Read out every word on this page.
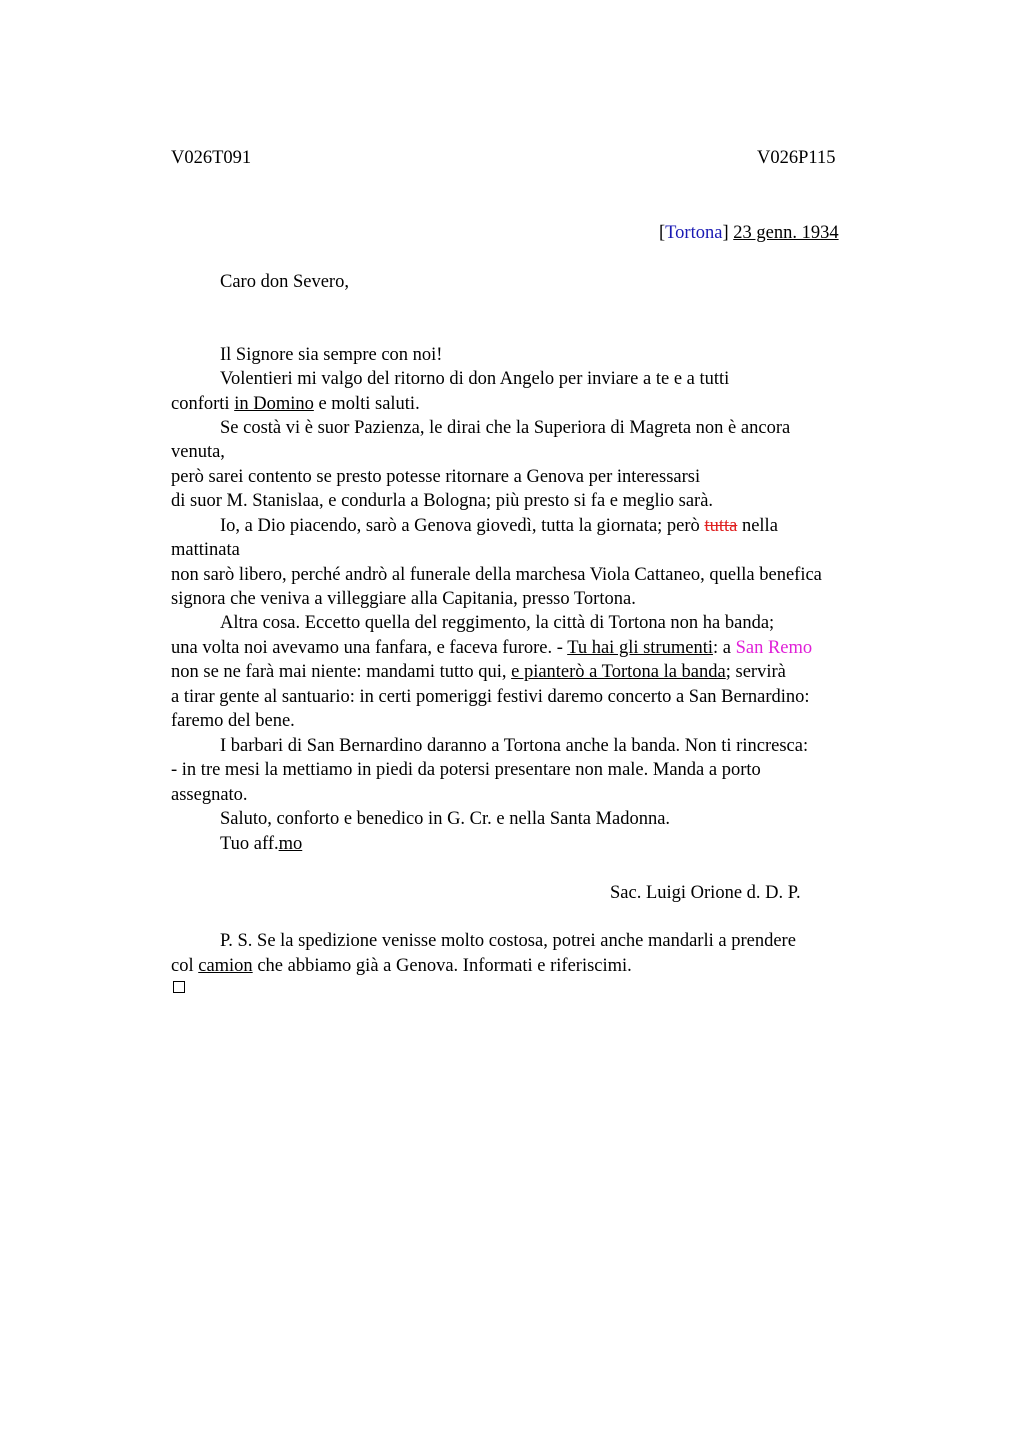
V026T091	V026P115
[Tortona] 23 genn. 1934
Caro don Severo,
Il Signore sia sempre con noi!
Volentieri mi valgo del ritorno di don Angelo per inviare a te e a tutti
conforti in Domino e molti saluti.
Se costà vi è suor Pazienza, le dirai che la Superiora di Magreta non è ancora
venuta,
però sarei contento se presto potesse ritornare a Genova per interessarsi
di suor M. Stanislaa, e condurla a Bologna; più presto si fa e meglio sarà.
Io, a Dio piacendo, sarò a Genova giovedì, tutta la giornata; però tutta nella
mattinata
non sarò libero, perché andrò al funerale della marchesa Viola Cattaneo, quella benefica
signora che veniva a villeggiare alla Capitania, presso Tortona.
Altra cosa. Eccetto quella del reggimento, la città di Tortona non ha banda;
una volta noi avevamo una fanfara, e faceva furore. - Tu hai gli strumenti: a San Remo
non se ne farà mai niente: mandami tutto qui, e pianterò a Tortona la banda; servirà
a tirar gente al santuario: in certi pomeriggi festivi daremo concerto a San Bernardino:
faremo del bene.
I barbari di San Bernardino daranno a Tortona anche la banda. Non ti rincresca:
- in tre mesi la mettiamo in piedi da potersi presentare non male. Manda a porto
assegnato.
Saluto, conforto e benedico in G. Cr. e nella Santa Madonna.
Tuo aff.mo
Sac. Luigi Orione d. D. P.
P. S. Se la spedizione venisse molto costosa, potrei anche mandarli a prendere
col camion che abbiamo già a Genova. Informati e riferiscimi.
